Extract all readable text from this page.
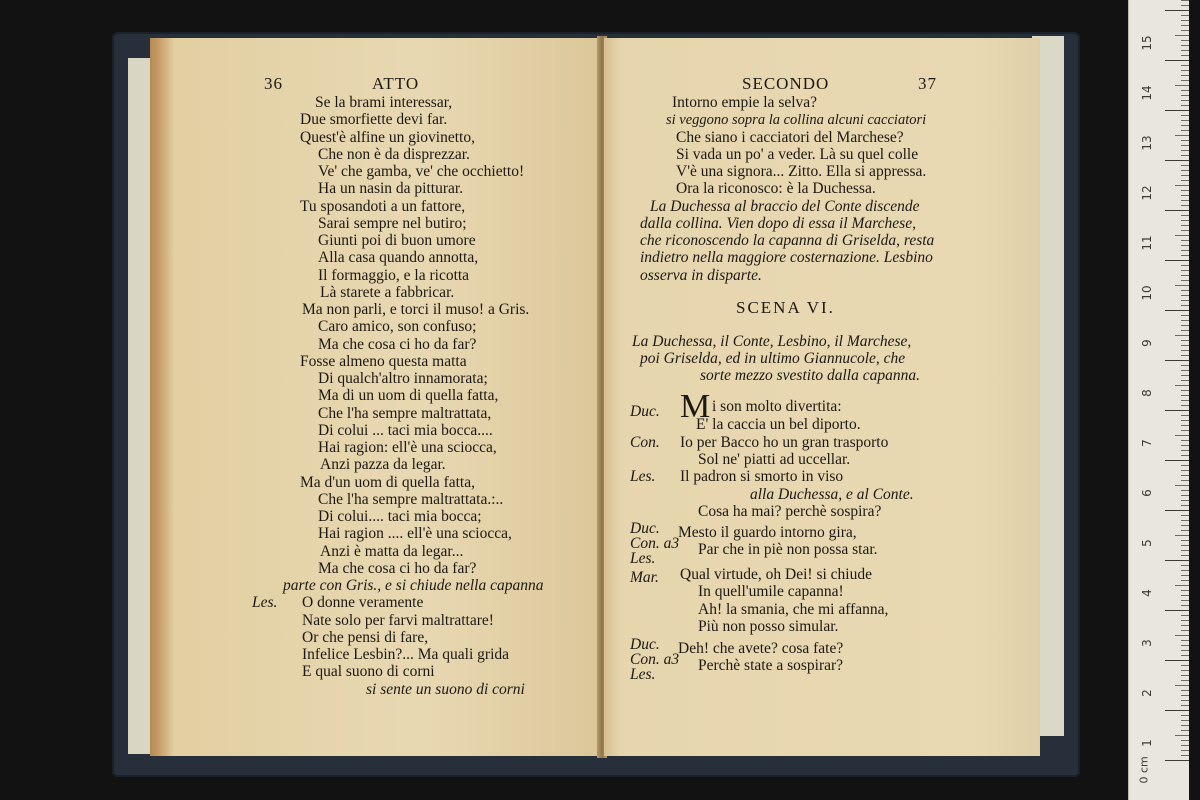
36	ATTO
Se la brami interessar,
Due smorfiette devi far.
Quest'è alfine un giovinetto,
Che non è da disprezzar.
Ve' che gamba, ve' che occhietto!
Ha un nasin da pitturar.
Tu sposandoti a un fattore,
Sarai sempre nel butiro;
Giunti poi di buon umore
Alla casa quando annotta,
Il formaggio, e la ricotta
Là starete a fabbricar.
Ma non parli, e torci il muso! a Gris.
Caro amico, son confuso;
Ma che cosa ci ho da far?
Fosse almeno questa matta
Di qualch'altro innamorata;
Ma di un uom di quella fatta,
Che l'ha sempre maltrattata,
Di colui ... taci mia bocca....
Hai ragion: ell'è una sciocca,
Anzi pazza da legar.
Ma d'un uom di quella fatta,
Che l'ha sempre maltrattata.:..
Di colui.... taci mia bocca;
Hai ragion .... ell'è una sciocca,
Anzi è matta da legar...
Ma che cosa ci ho da far?
parte con Gris., e si chiude nella capanna
Les. O donne veramente
Nate solo per farvi maltrattare!
Or che pensi di fare,
Infelice Lesbin?... Ma quali grida
E qual suono di corni
si sente un suono di corni
SECONDO	37
Intorno empie la selva?
si veggono sopra la collina alcuni cacciatori
Che siano i cacciatori del Marchese?
Si vada un po' a veder. Là su quel colle
V'è una signora... Zitto. Ella si appressa.
Ora la riconosco: è la Duchessa.
La Duchessa al braccio del Conte discende
dalla collina. Vien dopo di essa il Marchese,
che riconoscendo la capanna di Griselda, resta
indietro nella maggiore costernazione. Lesbino
osserva in disparte.
SCENA VI.
La Duchessa, il Conte, Lesbino, il Marchese,
poi Griselda, ed in ultimo Giannucole, che
sorte mezzo svestito dalla capanna.
Duc. M i son molto divertita:
E' la caccia un bel diporto.
Con. Io per Bacco ho un gran trasporto
Sol ne' piatti ad uccellar.
Les. Il padron si smorto in viso
alla Duchessa, e al Conte.
Cosa ha mai? perchè sospira?
Duc.
Con. a3
Les.
Mesto il guardo intorno gira,
Par che in piè non possa star.
Mar. Qual virtude, oh Dei! si chiude
In quell'umile capanna!
Ah! la smania, che mi affanna,
Più non posso simular.
Duc.
Con. a3
Les.
Deh! che avete? cosa fate?
Perchè state a sospirar?
0 cm
1
2
3
4
5
6
7
8
9
10
11
12
13
14
15
